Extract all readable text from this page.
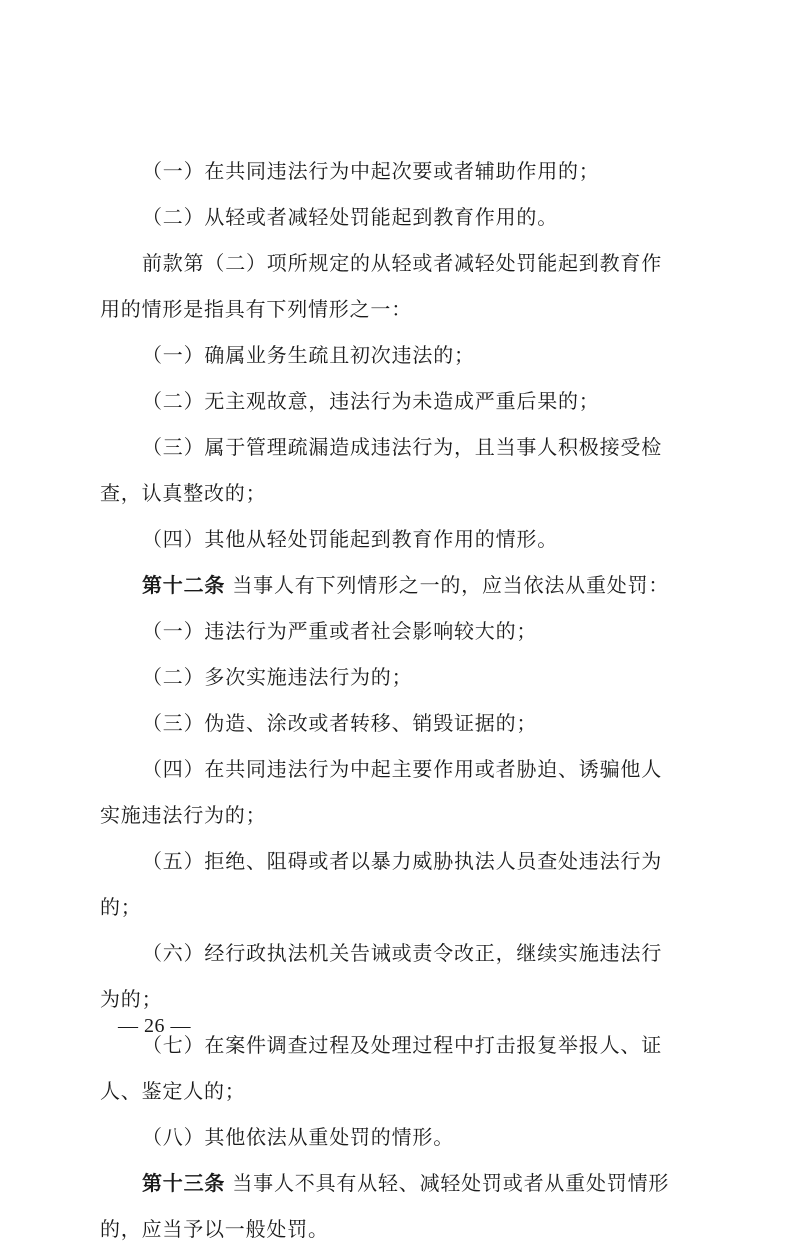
（一）在共同违法行为中起次要或者辅助作用的；
（二）从轻或者减轻处罚能起到教育作用的。
前款第（二）项所规定的从轻或者减轻处罚能起到教育作
用的情形是指具有下列情形之一：
（一）确属业务生疏且初次违法的；
（二）无主观故意，违法行为未造成严重后果的；
（三）属于管理疏漏造成违法行为，且当事人积极接受检
查，认真整改的；
（四）其他从轻处罚能起到教育作用的情形。
第十二条 当事人有下列情形之一的，应当依法从重处罚：
（一）违法行为严重或者社会影响较大的；
（二）多次实施违法行为的；
（三）伪造、涂改或者转移、销毁证据的；
（四）在共同违法行为中起主要作用或者胁迫、诱骗他人
实施违法行为的；
（五）拒绝、阻碍或者以暴力威胁执法人员查处违法行为
的；
（六）经行政执法机关告诫或责令改正，继续实施违法行
为的；
（七）在案件调查过程及处理过程中打击报复举报人、证
人、鉴定人的；
（八）其他依法从重处罚的情形。
第十三条 当事人不具有从轻、减轻处罚或者从重处罚情形
的，应当予以一般处罚。
— 26 —
